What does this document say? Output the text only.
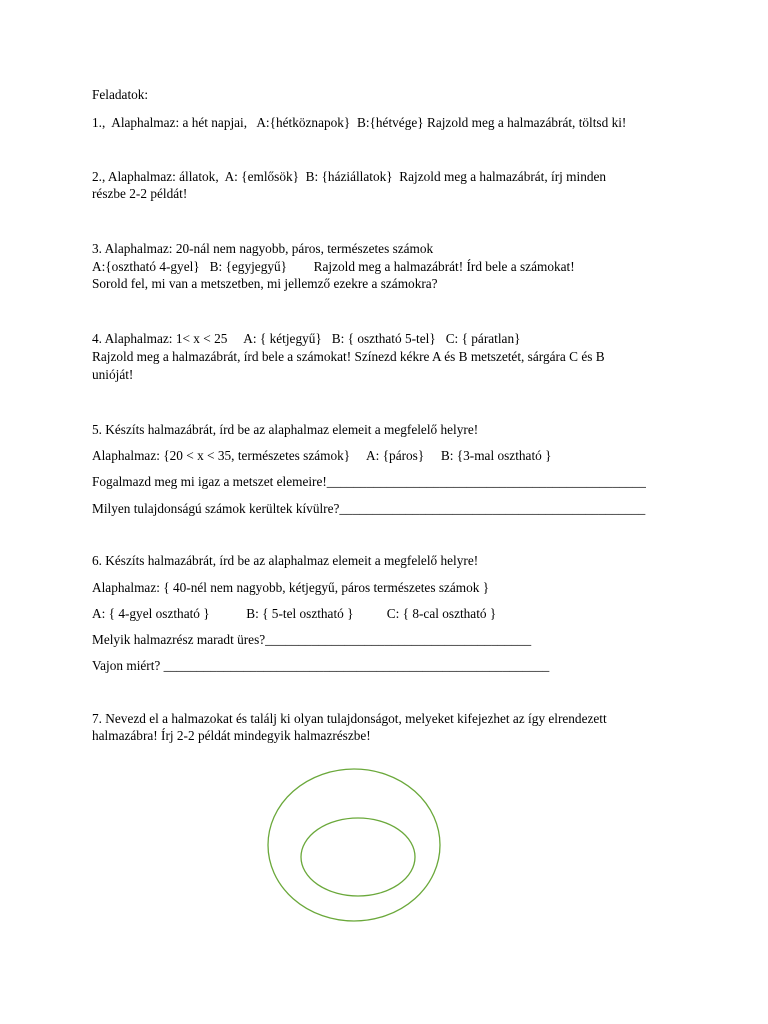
Feladatok:
1.,  Alaphalmaz: a hét napjai,   A:{hétköznapok}  B:{hétvége} Rajzold meg a halmazábrát, töltsd ki!
2., Alaphalmaz: állatok,  A: {emlősök}  B: {háziállatok}  Rajzold meg a halmazábrát, írj minden
részbe 2-2 példát!
3. Alaphalmaz: 20-nál nem nagyobb, páros, természetes számok
A:{osztható 4-gyel}   B: {egyjegyű}        Rajzold meg a halmazábrát! Írd bele a számokat!
Sorold fel, mi van a metszetben, mi jellemző ezekre a számokra?
4. Alaphalmaz: 1< x < 25     A: { kétjegyű}   B: { osztható 5-tel}   C: { páratlan}
Rajzold meg a halmazábrát, írd bele a számokat! Színezd kékre A és B metszetét, sárgára C és B
unióját!
5. Készíts halmazábrát, írd be az alaphalmaz elemeit a megfelelő helyre!
Alaphalmaz: {20 < x < 35, természetes számok}     A: {páros}     B: {3-mal osztható }
Fogalmazd meg mi igaz a metszet elemeire!________________________________________________
Milyen tulajdonságú számok kerültek kívülre?______________________________________________
6. Készíts halmazábrát, írd be az alaphalmaz elemeit a megfelelő helyre!
Alaphalmaz: { 40-nél nem nagyobb, kétjegyű, páros természetes számok }
A: { 4-gyel osztható }           B: { 5-tel osztható }          C: { 8-cal osztható }
Melyik halmazrész maradt üres?________________________________________
Vajon miért? __________________________________________________________
7. Nevezd el a halmazokat és találj ki olyan tulajdonságot, melyeket kifejezhet az így elrendezett
halmazábra! Írj 2-2 példát mindegyik halmazrészbe!
